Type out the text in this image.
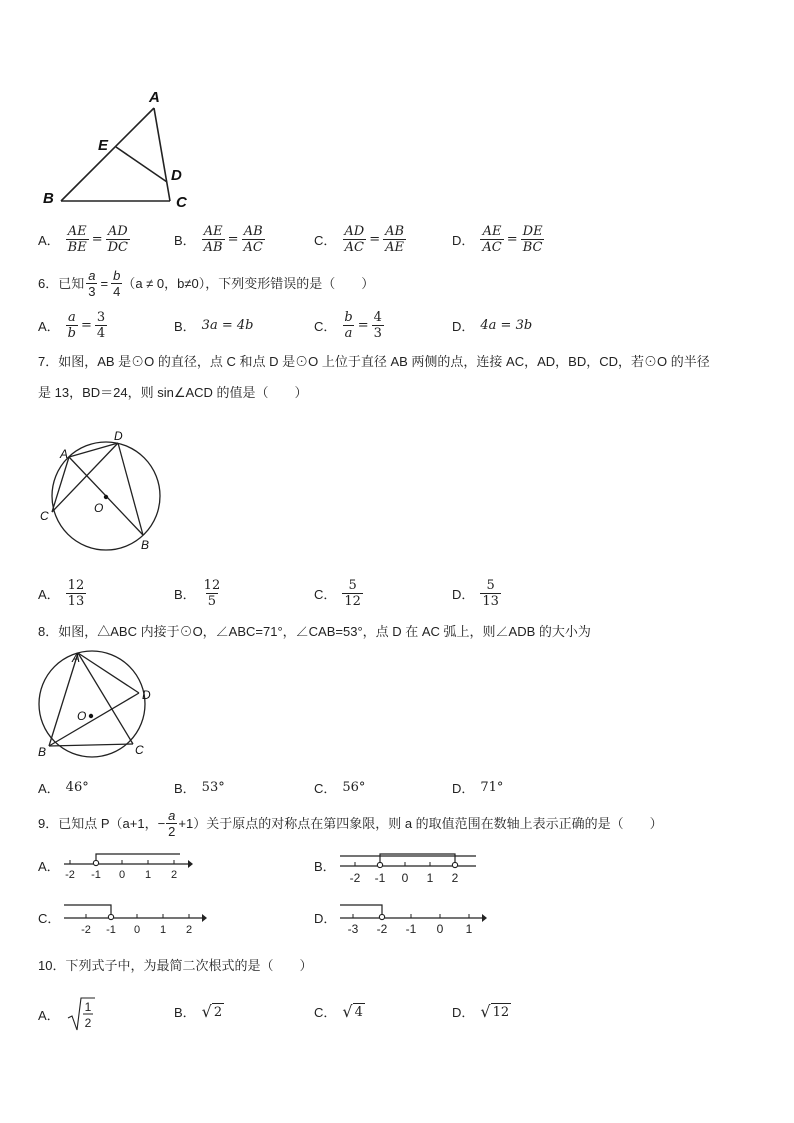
A
B	C
D
E
A． $\frac{AE}{BE} = \frac{AD}{DC}$	B． $\frac{AE}{AB} = \frac{AB}{AC}$	C． $\frac{AD}{AC} = \frac{AB}{AE}$	D． $\frac{AE}{AC} = \frac{DE}{BC}$
6．已知 $\frac{a}{3} = \frac{b}{4}$ （ a ≠ 0，b≠0），下列变形错误的是（　　）
A． $\frac{a}{b} = \frac{3}{4}$	B． 3a = 4b	C． $\frac{b}{a} = \frac{4}{3}$	D． 4a = 3b
7．如图，AB 是⊙O 的直径，点 C 和点 D 是⊙O 上位于直径 AB 两侧的点，连接 AC，AD，BD，CD，若⊙O 的半径
是 13，BD＝24，则 sin∠ACD 的值是（　　）
A
B
C
D
O
A． $\frac{12}{13}$	B． $\frac{12}{5}$	C． $\frac{5}{12}$	D． $\frac{5}{13}$
8．如图，△ABC 内接于⊙O，∠ABC=71°，∠CAB=53°，点 D 在 AC 弧上，则∠ADB 的大小为
A
B	C
D
O
A． 46°	B． 53°	C． 56°	D． 71°
9．已知点 P（a+1，− $\frac{a}{2} +1$）关于原点的对称点在第四象限，则 a 的取值范围在数轴上表示正确的是（　　）
A．
-2 -1 0 1 2
B．
-2 -1 0 1 2
C．
-2 -1 0 1 2
D．
-3 -2 -1 0 1
10．下列式子中，为最简二次根式的是（　　）
A．
1
2
B． √ 2	C． √ 4	D． √ 12
